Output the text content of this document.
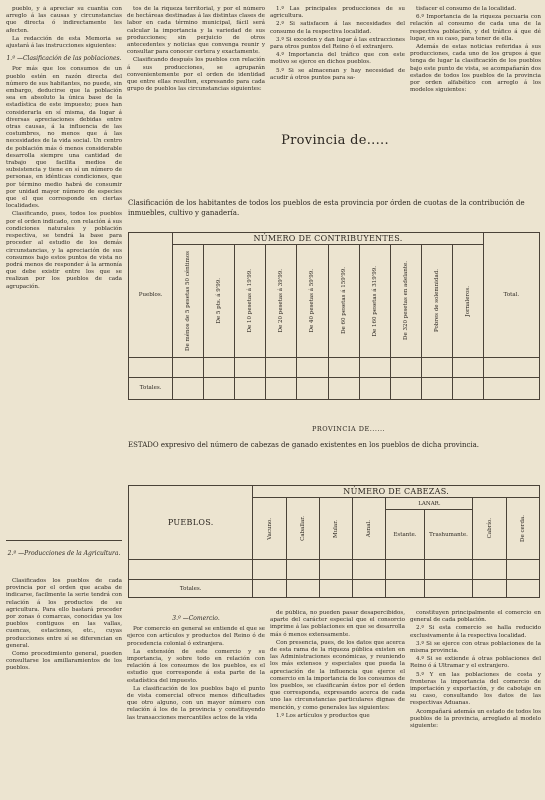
pueblo, y á apreciar su cuantía con arreglo á las causas y circunstancias que directa ó indirectamente les afecten.

La redacción de esta Memoria se ajustará á las instrucciones siguientes:

1.º —Clasificación de las poblaciones.

Por más que los consumos de un pueblo estén en razón directa del número de sus habitantes, no puede, sin embargo, deducirse que la población sea en absoluto la única base de la estadística de este impuesto; pues han considerarla en sí misma, da lugar á diversas apreciaciones debidas entre otras causas, á la influencia de las costumbres, no menos que á las necesidades de la vida social. Un centro de población más ó menos considerable desarrolla siempre una cantidad de trabajo que facilita medios de subsistencia y tiene en sí un número de personas, en idénticas condiciones, que por término medio habrá de consumir por unidad mayor número de especies que el que corresponde en ciertas localidades.

Clasificando, pues, todos los pueblos por el orden indicado, con relación á sus condiciones naturales y población respectiva, se tendrá la base para proceder al estudio de los demás circunstancias, y la apreciación de sus consumos bajo estos puntos de vista no podrá menos de responder á la armonía que debe existir entre los que se realizan por los pueblos de cada agrupación.

tos de la riqueza territorial, y por el número de hectáreas destinadas á las distintas clases de labor en cada término municipal, fácil será calcular la importancia y la variedad de sus producciones; sin perjuicio de otros antecedentes y noticias que convenga reunir y consultar para conocer certera y exactamente.

Clasificando después los pueblos con relación á sus producciones, se agruparán convenientemente por el orden de identidad que entre ellas resulten, expresando para cada grupo de pueblos las circunstancias siguientes:

1.º Las principales producciones de su agricultura.

2.º Si satisfacen á las necesidades del consumo de la respectiva localidad.

3.º Si exceden y dan lugar á las extracciones para otros puntos del Reino ó el extranjero.

4.º Importancia del tráfico que con este motivo se ejerce en dichos pueblos.

5.º Si se almacenan y hay necesidad de acudir á otros puntos para sa-

tisfacer el consumo de la localidad.

6.º Importancia de la riqueza pecuaria con relación al consumo de cada una de la respectiva población, y del tráfico á que dé lugar, en su caso, para tener de ella.

Además de estas noticias referidas á sus producciones, cada uno de los grupos á que tenga de lugar la clasificación de los pueblos bajo este punto de vista, se acompañarán dos estados de todos los pueblos de la provincia por orden alfabético con arreglo á los modelos siguientes:

Provincia de.....
Clasificación de los habitantes de todos los pueblos de esta provincia por órden de cuotas de la contribución de inmuebles, cultivo y ganadería.
Pueblos.	NÚMERO DE CONTRIBUYENTES.										Total.

	De ménos de 5 pesetas 50 céntimos	De 5 pts. á 9'99.	De 10 pesetas á 19'99.	De 20 pesetas á 39'99.	De 40 pesetas á 59'99.	De 60 pesetas á 159'99.	De 160 pesetas á 319'99.	De 320 pesetas en adelante.	Pobres de solemnidad.	Jornaleros.	

Totales.											
PROVINCIA DE......
ESTADO expresivo del número de cabezas de ganado existentes en los pueblos de dicha provincia.
PUEBLOS.	NÚMERO DE CABEZAS.							

	Vacuno.	Caballar.	Mular.	Asnal.	LANAR.		Cabrío.	De cerda.

					Estante.	Trashumante.		

Totales.								

2.º —Producciones de la Agricultura.

Clasificados los pueblos de cada provincia por el orden que acaba de indicarse, facilmente la serie tendrá con relación á los productos de su agricultura. Para ello bastará proceder por zonas ó comarcas, conocidas ya los pueblos contiguos en las vallas, cuencas, estaciones, etc., cuyas producciones entre sí se diferencian en general.

Como procedimiento general, pueden consultarse los amillaramientos de los pueblos.

3.º —Comercio.

Por comercio en general se entiende el que se ejerce con artículos y productos del Reino ó de procedencia colonial ó extranjera.

La extensión de este comercio y su importancia, y sobre todo en relación con relación á los consumos de los pueblos, es el estudio que corresponde á esta parte de la estadística del impuesto.

La clasificación de los pueblos bajo el punto de vista comercial ofrece menos dificultades que otro alguno, con un mayor número con relación á los de la provincia y constituyendo las transacciones mercantiles actos de la vida

de pública, no pueden pasar desapercibidos, aparte del carácter especial que el consorcio imprime á las poblaciones en que se desarrolla más ó menos extensamente.

Con presencia, pues, de los datos que acerca de esta rama de la riqueza pública existen en las Administraciones económicas, y reuniendo los más extensos y especiales que pueda la apreciación de la influencia que ejerce el comercio en la importancia de los consumos de los pueblos, se clasificarán éstos por el órden que corresponda, expresando acerca de cada uno las circunstancias particulares dignas de mención, y como generales las siguientes:

1.º Los artículos y productos que

constituyen principalmente el comercio en general de cada población.

2.º Si esta comercio se halla reducido exclusivamente á la respectiva localidad.

3.º Si se ejerce con otras poblaciones de la misma provincia.

4.º Si se extiende á otras poblaciones del Reino ó á Ultramar y el extranjero.

5.º Y en las poblaciones de costa y fronteras la importancia del comercio de importación y exportación, y de cabotaje en su caso, consultando los datos de las respectivas Aduanas.

Acompañará además un estado de todos los pueblos de la provincia, arreglado al modelo siguiente:
